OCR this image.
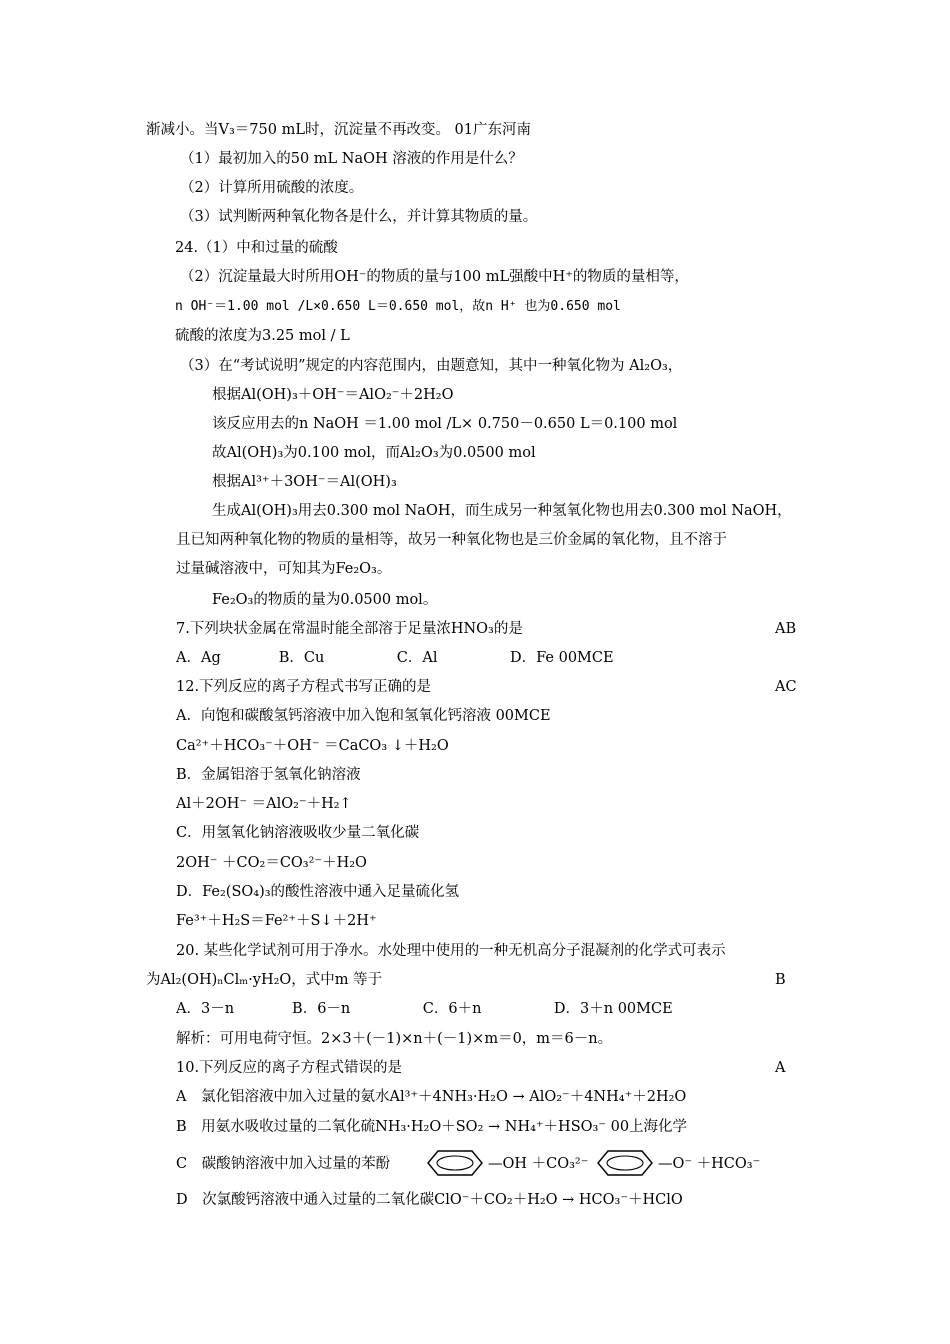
渐减小。当V₃＝750 mL时，沉淀量不再改变。 01广东河南
（1）最初加入的50 mL NaOH 溶液的作用是什么？
（2）计算所用硫酸的浓度。
（3）试判断两种氧化物各是什么，并计算其物质的量。
24.（1）中和过量的硫酸
（2）沉淀量最大时所用OH⁻的物质的量与100 mL强酸中H⁺的物质的量相等，
n OH⁻＝1.00 mol /L×0.650 L＝0.650 mol，故n H⁺ 也为0.650 mol
硫酸的浓度为3.25 mol / L
（3）在“考试说明”规定的内容范围内，由题意知，其中一种氧化物为 Al₂O₃，
根据Al(OH)₃＋OH⁻＝AlO₂⁻＋2H₂O
该反应用去的n NaOH ＝1.00 mol /L× 0.750－0.650 L＝0.100 mol
故Al(OH)₃为0.100 mol，而Al₂O₃为0.0500 mol
根据Al³⁺＋3OH⁻＝Al(OH)₃
生成Al(OH)₃用去0.300 mol NaOH，而生成另一种氢氧化物也用去0.300 mol NaOH，
且已知两种氧化物的物质的量相等，故另一种氧化物也是三价金属的氧化物，且不溶于
过量碱溶液中，可知其为Fe₂O₃。
Fe₂O₃的物质的量为0.0500 mol。
7.下列块状金属在常温时能全部溶于足量浓HNO₃的是	AB
A．Ag　　　　B．Cu　　　　　C．Al　　　　　D．Fe 00MCE
12.下列反应的离子方程式书写正确的是	AC
A．向饱和碳酸氢钙溶液中加入饱和氢氧化钙溶液 00MCE
Ca²⁺＋HCO₃⁻＋OH⁻ ＝CaCO₃ ↓＋H₂O
B．金属铝溶于氢氧化钠溶液
Al＋2OH⁻ ＝AlO₂⁻＋H₂↑
C．用氢氧化钠溶液吸收少量二氧化碳
2OH⁻ ＋CO₂＝CO₃²⁻＋H₂O
D．Fe₂(SO₄)₃的酸性溶液中通入足量硫化氢
Fe³⁺＋H₂S＝Fe²⁺＋S↓＋2H⁺
20. 某些化学试剂可用于净水。水处理中使用的一种无机高分子混凝剂的化学式可表示
为Al₂(OH)ₙClₘ·yH₂O，式中m 等于	B
A．3－n　　　　B．6－n　　　　　C．6＋n　　　　　D．3＋n 00MCE
解析：可用电荷守恒。2×3＋(－1)×n＋(－1)×m＝0，m＝6－n。
10.下列反应的离子方程式错误的是	A
A　氯化铝溶液中加入过量的氨水Al³⁺＋4NH₃·H₂O → AlO₂⁻＋4NH₄⁺＋2H₂O
B　用氨水吸收过量的二氧化硫NH₃·H₂O＋SO₂ → NH₄⁺＋HSO₃⁻ 00上海化学
C　碳酸钠溶液中加入过量的苯酚	—OH ＋CO₃²⁻	—O⁻ ＋HCO₃⁻
D　次氯酸钙溶液中通入过量的二氧化碳ClO⁻＋CO₂＋H₂O → HCO₃⁻＋HClO
